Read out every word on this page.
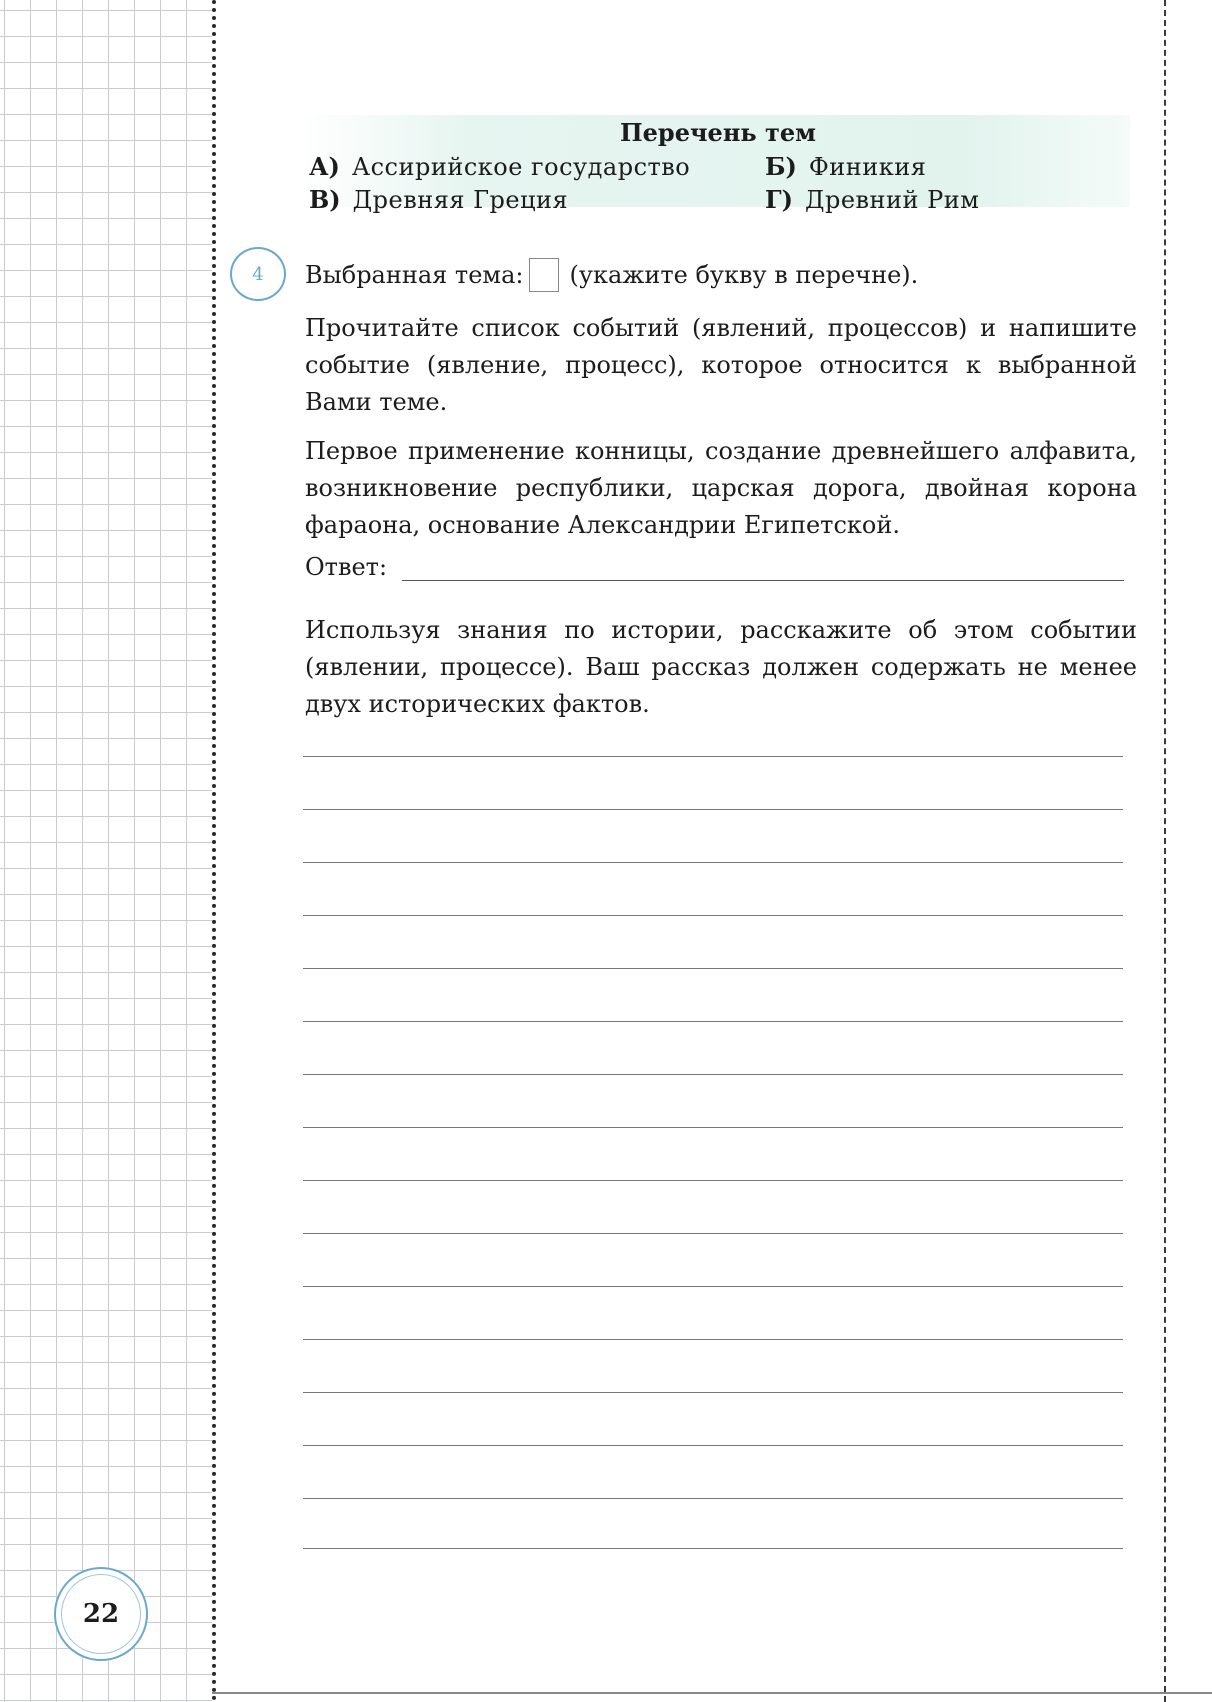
Перечень тем
А) Ассирийское государство	Б) Финикия
В) Древняя Греция	Г) Древний Рим
4	Выбранная тема: (укажите букву в перечне).
Прочитайте список событий (явлений, процессов) и напишите событие (явление, процесс), которое относится к выбранной Вами теме.
Первое применение конницы, создание древнейшего алфавита, возникновение республики, царская дорога, двойная корона фараона, основание Александрии Египетской.
Ответ:
Используя знания по истории, расскажите об этом событии (явлении, процессе). Ваш рассказ должен содержать не менее двух исторических фактов.
22
